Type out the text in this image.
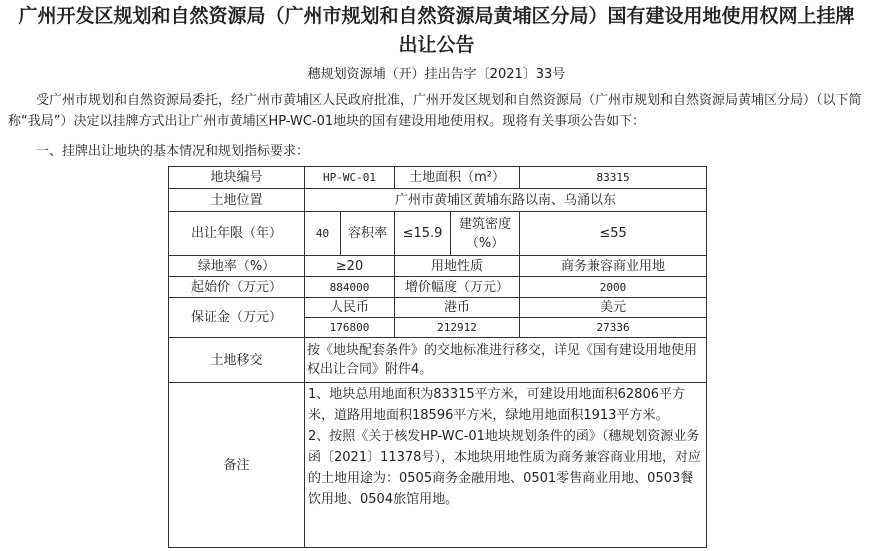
广州开发区规划和自然资源局（广州市规划和自然资源局黄埔区分局）国有建设用地使用权网上挂牌
出让公告
穗规划资源埔（开）挂出告字〔2021〕33号
受广州市规划和自然资源局委托，经广州市黄埔区人民政府批准，广州开发区规划和自然资源局（广州市规划和自然资源局黄埔区分局）（以下简称“我局”）决定以挂牌方式出让广州市黄埔区HP-WC-01地块的国有建设用地使用权。现将有关事项公告如下：
一、挂牌出让地块的基本情况和规划指标要求：
地块编号	HP-WC-01		土地面积（m²）		83315
土地位置	广州市黄埔区黄埔东路以南、乌涌以东				
出让年限（年）	40	容积率	≤15.9	建筑密度（%）	≤55
绿地率（%）	≥20		用地性质		商务兼容商业用地
起始价（万元）	884000		增价幅度（万元）		2000
保证金（万元）	人民币		港币		美元
	176800		212912		27336
土地移交	按《地块配套条件》的交地标准进行移交，详见《国有建设用地使用权出让合同》附件4。				
备注	1、地块总用地面积为83315平方米，可建设用地面积62806平方米，道路用地面积18596平方米，绿地用地面积1913平方米。
2、按照《关于核发HP-WC-01地块规划条件的函》（穗规划资源业务函〔2021〕11378号），本地块用地性质为商务兼容商业用地，对应的土地用途为：0505商务金融用地、0501零售商业用地、0503餐饮用地、0504旅馆用地。				
